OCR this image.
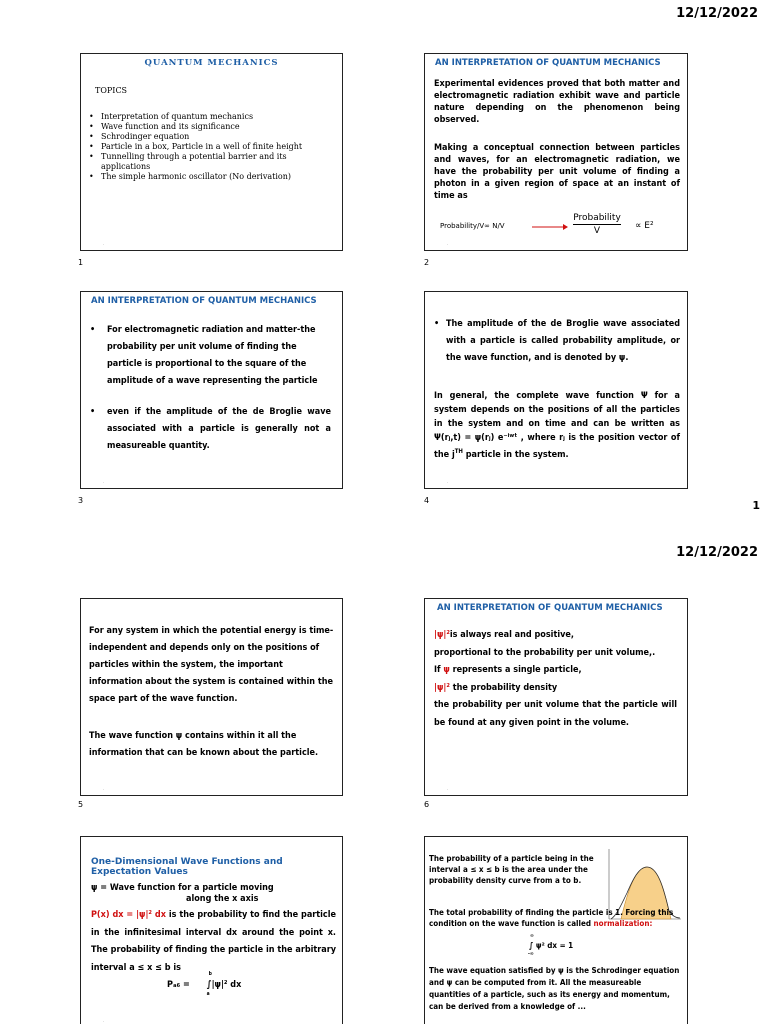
12/12/2022
QUANTUM MECHANICS
TOPICS
• Interpretation of quantum mechanics
• Wave function and its significance
• Schrodinger equation
• Particle in a box, Particle in a well of finite height
• Tunnelling through a potential barrier and its applications
• The simple harmonic oscillator (No derivation)
·
1
AN INTERPRETATION OF QUANTUM MECHANICS
Experimental evidences proved that both matter and electromagnetic radiation exhibit wave and particle nature depending on the phenomenon being observed.
Making a conceptual connection between particles and waves, for an electromagnetic radiation, we have the probability per unit volume of finding a photon in a given region of space at an instant of time as
Probability/V∞ N/V
Probability
V	∝ E²
·
2
AN INTERPRETATION OF QUANTUM MECHANICS
• For electromagnetic radiation and matter-the probability per unit volume of finding the particle is proportional to the square of the amplitude of a wave representing the particle
• even if the amplitude of the de Broglie wave associated with a particle is generally not a measureable quantity.
·
3
• The amplitude of the de Broglie wave associated with a particle is called probability amplitude, or the wave function, and is denoted by ψ.
In general, the complete wave function Ψ for a system depends on the positions of all the particles in the system and on time and can be written as Ψ(rⱼ,t) = ψ(rⱼ) e⁻ⁱʷᵗ , where rⱼ is the position vector of the $j^{TH}$ particle in the system.
·
4	1
12/12/2022
For any system in which the potential energy is time-independent and depends only on the positions of particles within the system, the important information about the system is contained within the space part of the wave function.
The wave function ψ contains within it all the information that can be known about the particle.
·
5
AN INTERPRETATION OF QUANTUM MECHANICS
|ψ|²is always real and positive,
proportional to the probability per unit volume,.
If ψ represents a single particle,
|ψ|² the probability density
the probability per unit volume that the particle will be found at any given point in the volume.
·
6
One-Dimensional Wave Functions and Expectation Values
ψ = Wave function for a particle moving
along the x axis
P(x) dx = |ψ|² dx is the probability to find the particle in the infinitesimal interval dx around the point x. The probability of finding the particle in the arbitrary interval a ≤ x ≤ b is
Pₐ₆ =
b
∫|ψ|² dx
a
·
The probability of a particle being in the interval a ≤ x ≤ b is the area under the probability density curve from a to b.
The total probability of finding the particle is 1. Forcing this condition on the wave function is called normalization:
∞
∫ ψ² dx = 1
-∞
The wave equation satisfied by ψ is the Schrodinger equation and ψ can be computed from it. All the measureable quantities of a particle, such as its energy and momentum, can be derived from a knowledge of ...
